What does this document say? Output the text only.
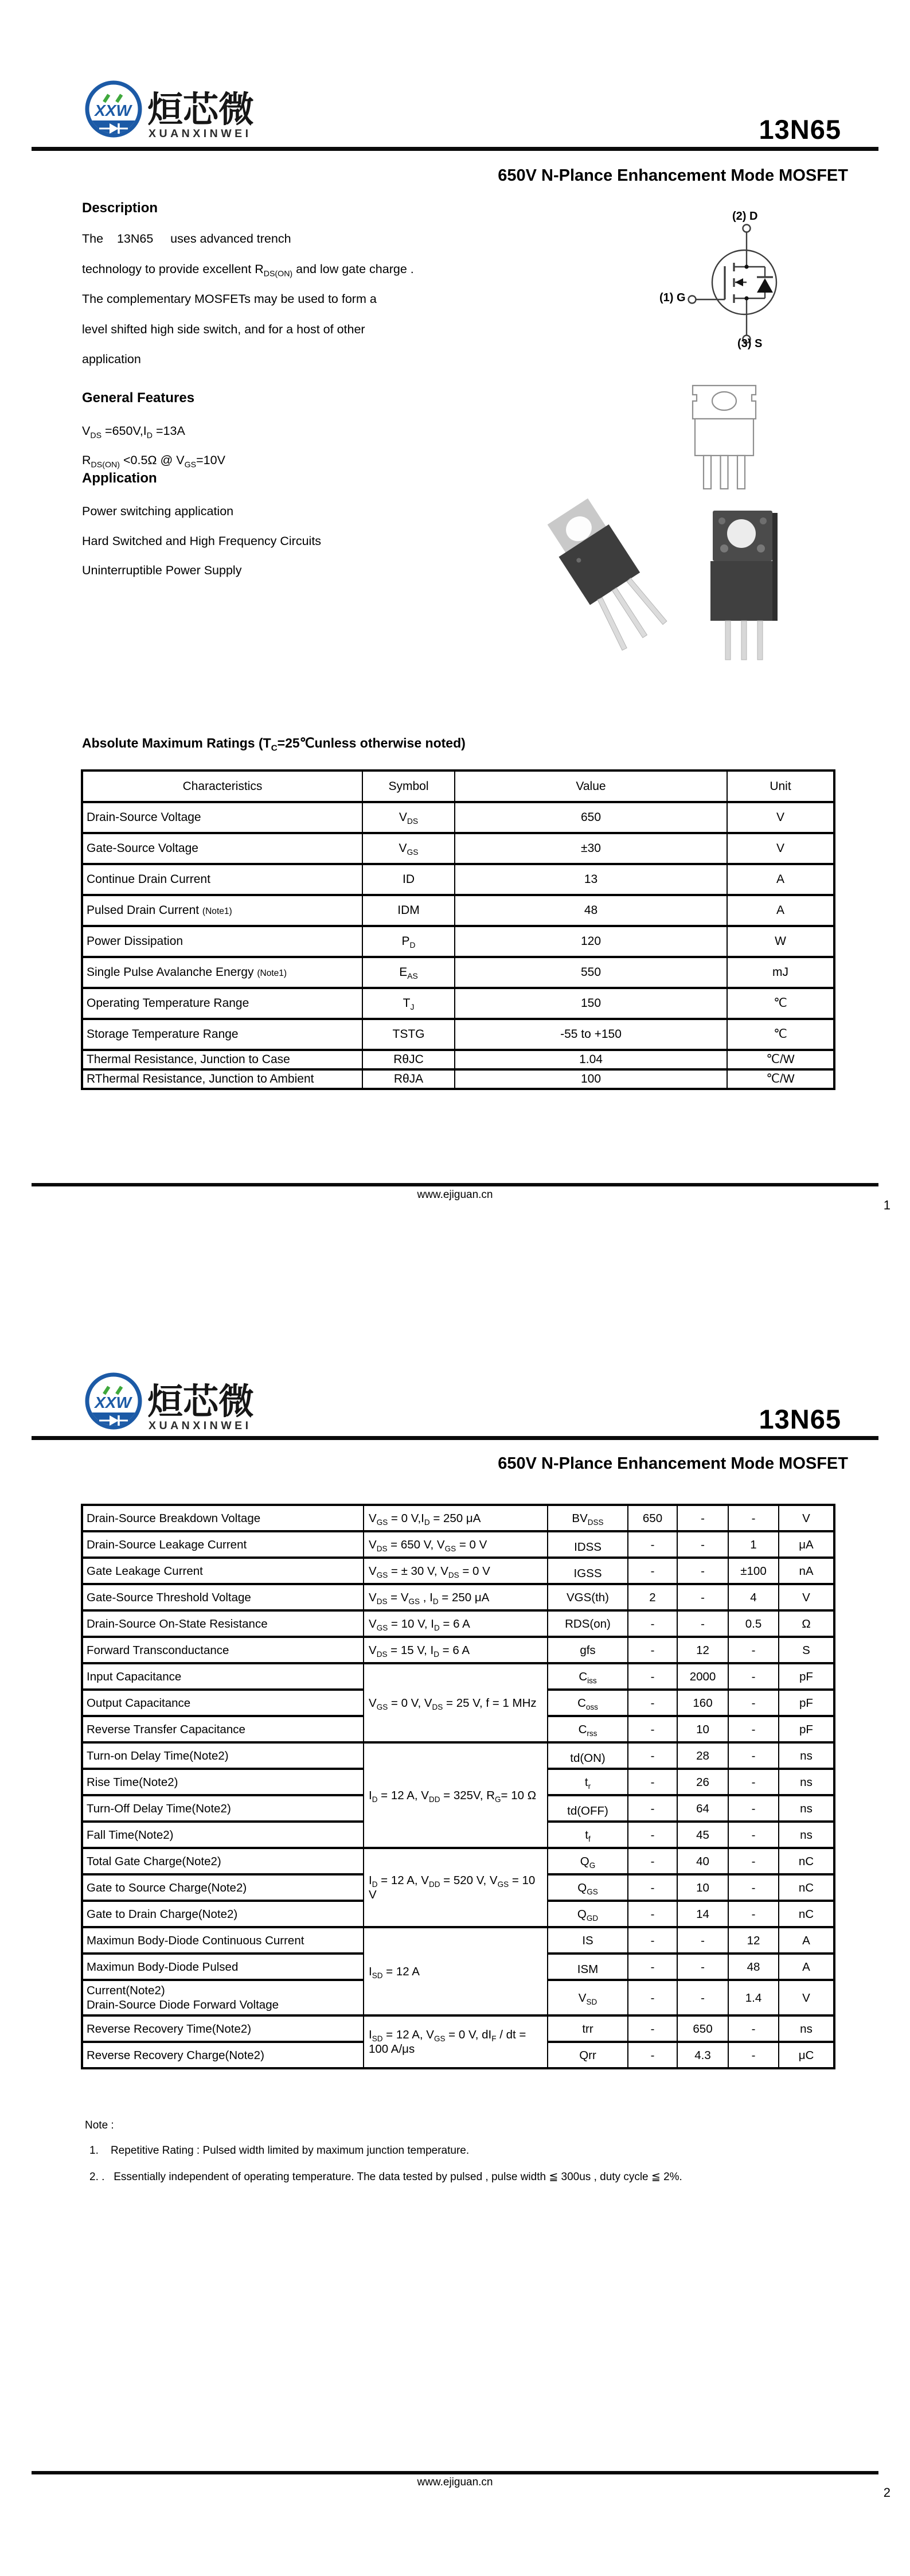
XXW 烜芯微
XUANXINWEI	13N65
650V N-Plance Enhancement Mode MOSFET
Description
The    13N65     uses advanced trench
technology to provide excellent $R_{DS(ON)}$ and low gate charge .
The complementary MOSFETs may be used to form a
level shifted high side switch, and for a host of other
application
General Features
$V_{DS} =650V,I_D =13A$
$R_{DS(ON)} <0.5\Omega$ @ $V_{GS}=10V$
Application
Power switching application
Hard Switched and High Frequency Circuits
Uninterruptible Power Supply
(2) D
(1) G
(3) S
Absolute Maximum Ratings ($T_C=25℃unless$ otherwise noted)
Characteristics	Symbol	Value	Unit
Drain-Source Voltage	$V_{DS}$	650	V
Gate-Source Voltage	$V_{GS}$	±30	V
Continue Drain Current	ID	13	A
Pulsed Drain Current (Note1)	IDM	48	A
Power Dissipation	$P_D$	120	W
Single Pulse Avalanche Energy (Note1)	$E_{AS}$	550	mJ
Operating Temperature Range	$T_J$	150	℃
Storage Temperature Range	TSTG	-55 to +150	℃
Thermal Resistance, Junction to Case	RθJC	1.04	℃/W
RThermal Resistance, Junction to Ambient	RθJA	100	℃/W
www.ejiguan.cn
1
XXW 烜芯微
XUANXINWEI	13N65
650V N-Plance Enhancement Mode MOSFET
Drain-Source Breakdown Voltage	$V_{GS} = 0$ $V,I_D = 250$ μA	$BV_{DSS}$	650	-	-	V
Drain-Source Leakage Current	$V_{DS} = 650$ V, $V_{GS} = 0$ V	IDSS	-	-	1	μA
Gate Leakage Current	$V_{GS}$ = ± 30 V, $V_{DS} = 0$ V	IGSS	-	-	±100	nA
Gate-Source Threshold Voltage	$V_{DS} = V_{GS}$ , $I_D = 250$ μA	VGS(th)	2	-	4	V
Drain-Source On-State Resistance	$V_{GS} = 10$ V, $I_D = 6$ A	RDS(on)	-	-	0.5	Ω
Forward Transconductance	$V_{DS} = 15$ V, $I_D = 6$ A	gfs	-	12	-	S
Input Capacitance	$V_{GS} = 0$ V, $V_{DS} = 25$ V, f = 1 MHz	$C_{iss}$	-	2000	-	pF
Output Capacitance		$C_{oss}$	-	160	-	pF
Reverse Transfer Capacitance		$C_{rss}$	-	10	-	pF
Turn-on Delay Time(Note2)	$I_D = 12$ A, $V_{DD} = 325V$, $R_G= 10$ Ω	td(ON)	-	28	-	ns
Rise Time(Note2)		$t_r$	-	26	-	ns
Turn-Off Delay Time(Note2)		td(OFF)	-	64	-	ns
Fall Time(Note2)		$t_f$	-	45	-	ns
Total Gate Charge(Note2)	$I_D = 12$ A, $V_{DD} = 520$ V, $V_{GS} = 10$ V	$Q_G$	-	40	-	nC
Gate to Source Charge(Note2)		$Q_{GS}$	-	10	-	nC
Gate to Drain Charge(Note2)		$Q_{GD}$	-	14	-	nC
Maximun Body-Diode Continuous Current	$I_{SD} = 12$ A	IS	-	-	12	A
Maximun Body-Diode Pulsed		ISM	-	-	48	A
Current(Note2)
Drain-Source Diode Forward Voltage		$V_{SD}$	-	-	1.4	V
Reverse Recovery Time(Note2)	$I_{SD} = 12$ A, $V_{GS} = 0$ V, $dI_F$ / dt = 100 A/μs	trr	-	650	-	ns
Reverse Recovery Charge(Note2)		Qrr	-	4.3	-	μC
Note :
1.    Repetitive Rating : Pulsed width limited by maximum junction temperature.
2. .   Essentially independent of operating temperature. The data tested by pulsed , pulse width ≦ 300us , duty cycle ≦ 2%.
www.ejiguan.cn
2
